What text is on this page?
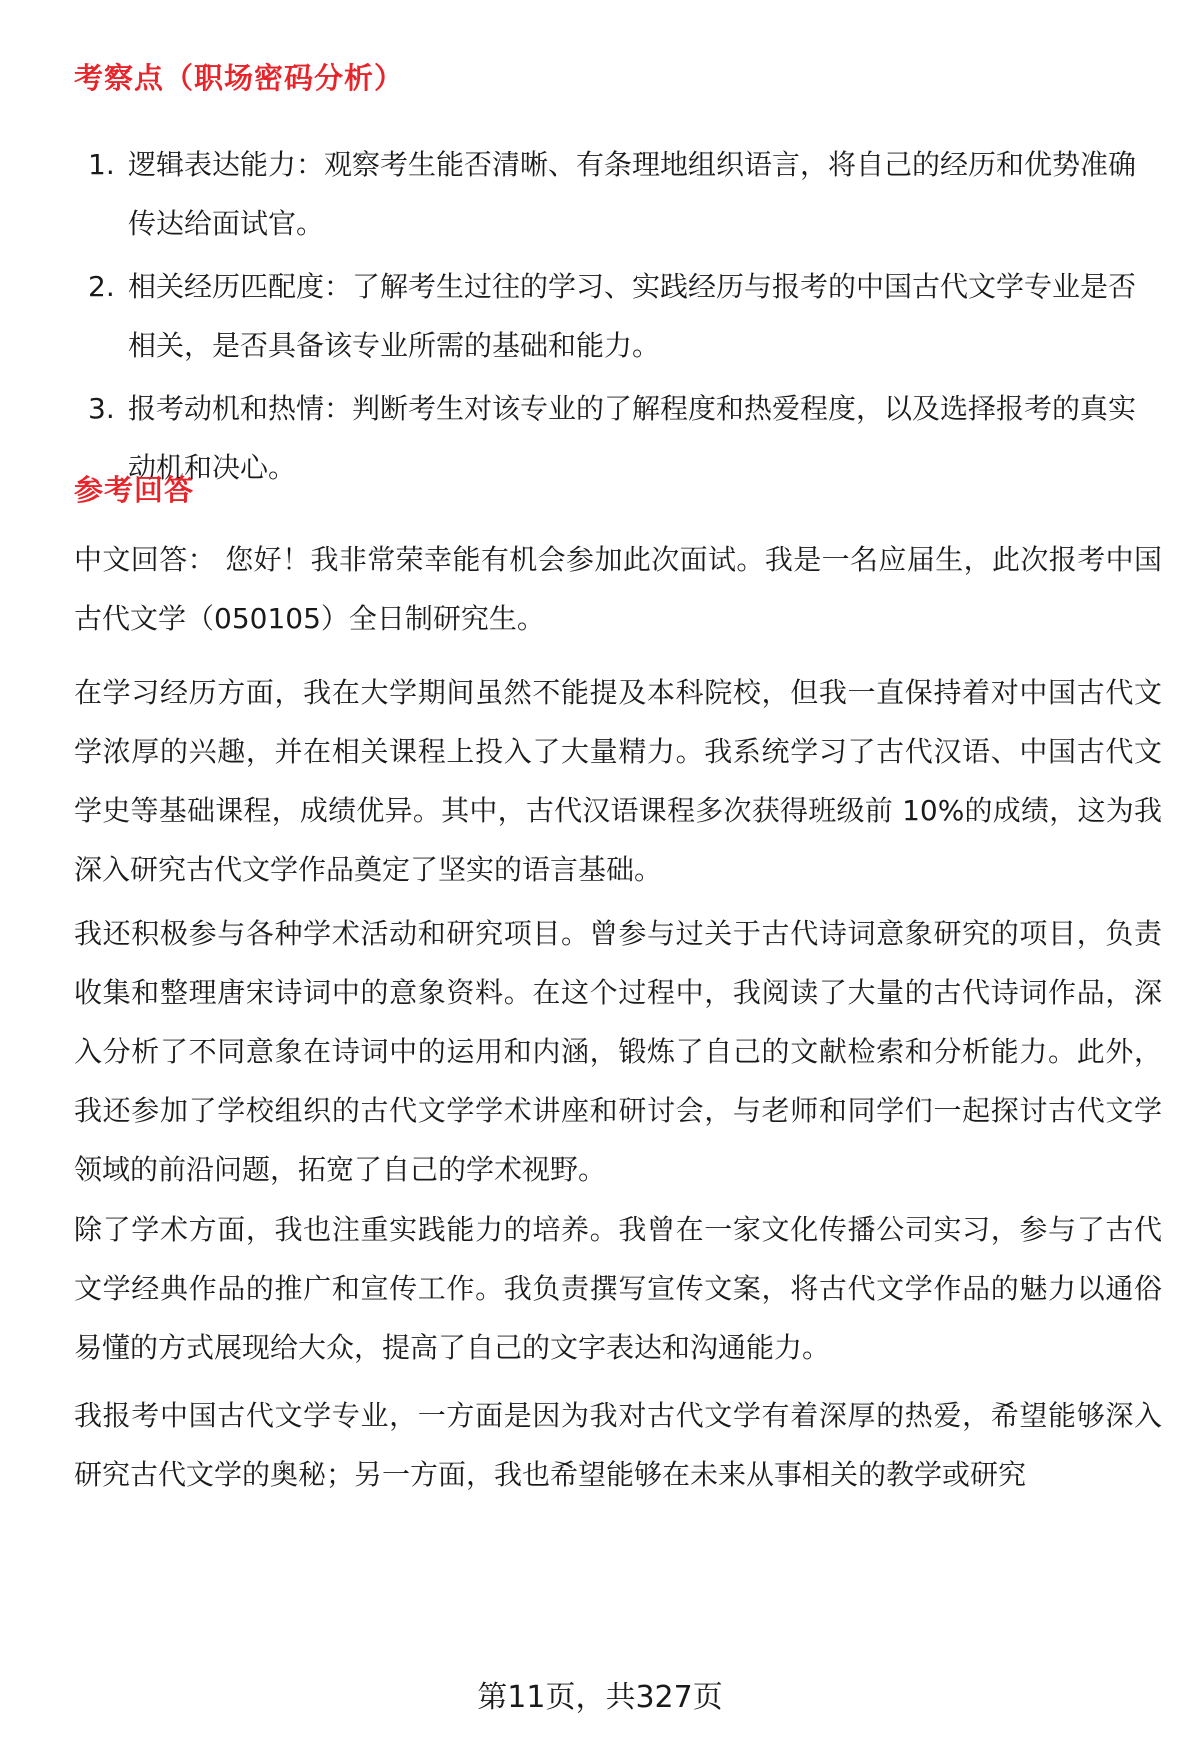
考察点（职场密码分析）
1. 逻辑表达能力：观察考生能否清晰、有条理地组织语言，将自己的经历和优势准确传达给面试官。
2. 相关经历匹配度：了解考生过往的学习、实践经历与报考的中国古代文学专业是否相关，是否具备该专业所需的基础和能力。
3. 报考动机和热情：判断考生对该专业的了解程度和热爱程度，以及选择报考的真实动机和决心。
参考回答
中文回答： 您好！我非常荣幸能有机会参加此次面试。我是一名应届生，此次报考中国古代文学（050105）全日制研究生。
在学习经历方面，我在大学期间虽然不能提及本科院校，但我一直保持着对中国古代文学浓厚的兴趣，并在相关课程上投入了大量精力。我系统学习了古代汉语、中国古代文学史等基础课程，成绩优异。其中，古代汉语课程多次获得班级前 10%的成绩，这为我深入研究古代文学作品奠定了坚实的语言基础。
我还积极参与各种学术活动和研究项目。曾参与过关于古代诗词意象研究的项目，负责收集和整理唐宋诗词中的意象资料。在这个过程中，我阅读了大量的古代诗词作品，深入分析了不同意象在诗词中的运用和内涵，锻炼了自己的文献检索和分析能力。此外，我还参加了学校组织的古代文学学术讲座和研讨会，与老师和同学们一起探讨古代文学领域的前沿问题，拓宽了自己的学术视野。
除了学术方面，我也注重实践能力的培养。我曾在一家文化传播公司实习，参与了古代文学经典作品的推广和宣传工作。我负责撰写宣传文案，将古代文学作品的魅力以通俗易懂的方式展现给大众，提高了自己的文字表达和沟通能力。
我报考中国古代文学专业，一方面是因为我对古代文学有着深厚的热爱，希望能够深入研究古代文学的奥秘；另一方面，我也希望能够在未来从事相关的教学或研究
第11页，共327页
